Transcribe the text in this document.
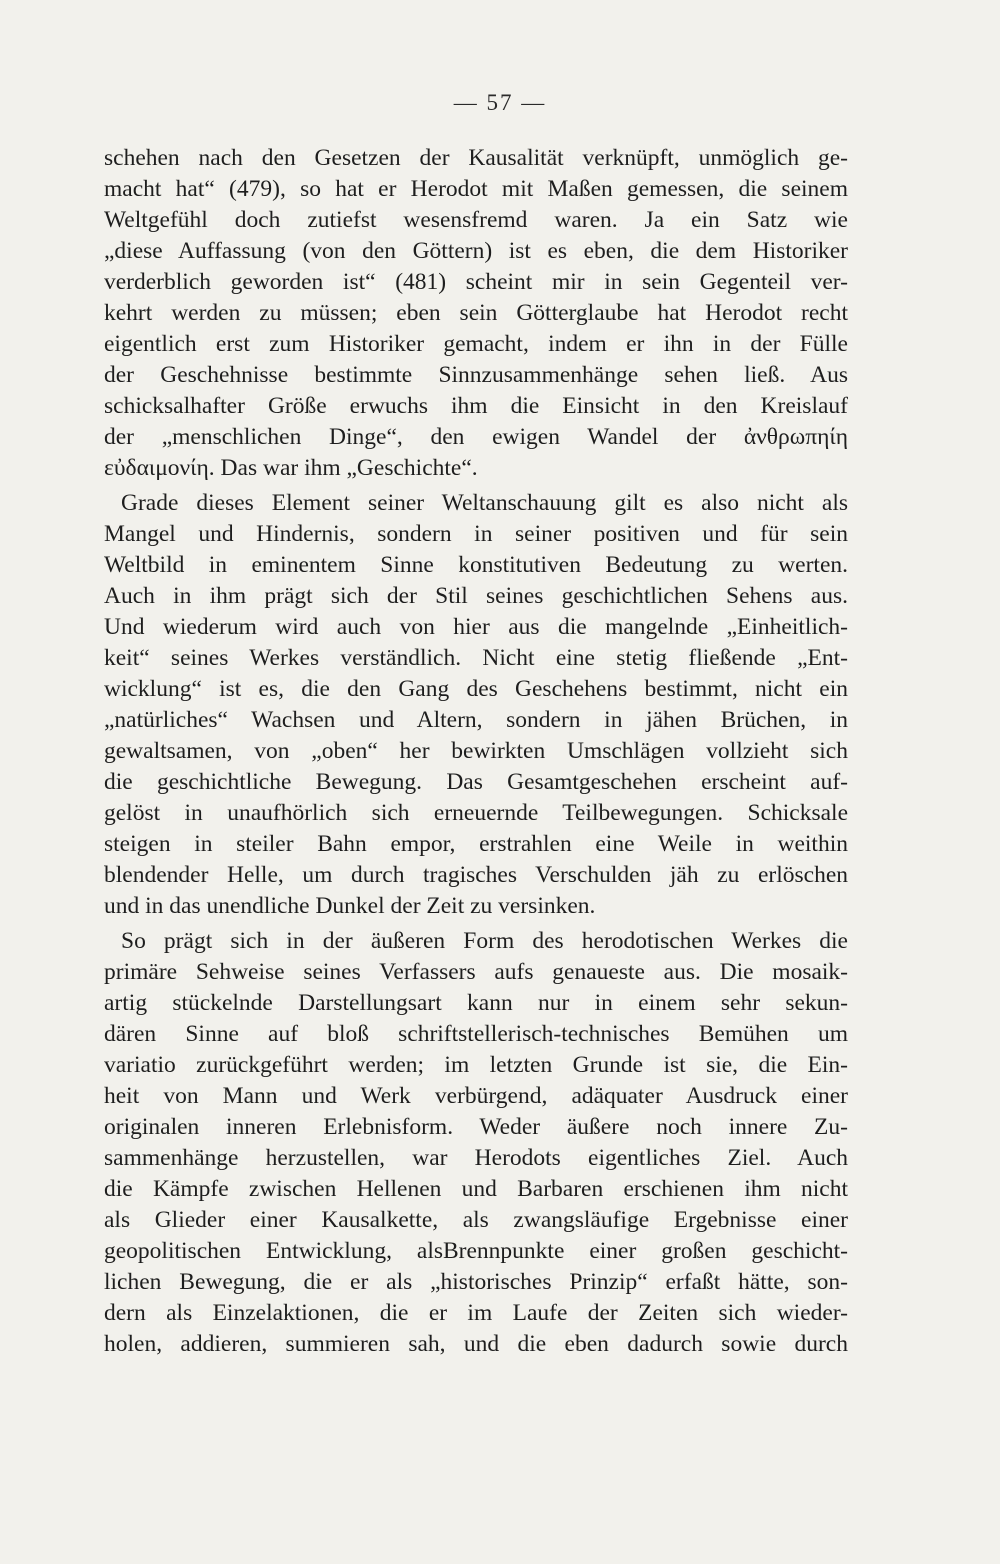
— 57 —
schehen nach den Gesetzen der Kausalität verknüpft, unmöglich ge-
macht hat“ (479), so hat er Herodot mit Maßen gemessen, die seinem
Weltgefühl doch zutiefst wesensfremd waren. Ja ein Satz wie
„diese Auffassung (von den Göttern) ist es eben, die dem Historiker
verderblich geworden ist“ (481) scheint mir in sein Gegenteil ver-
kehrt werden zu müssen; eben sein Götterglaube hat Herodot recht
eigentlich erst zum Historiker gemacht, indem er ihn in der Fülle
der Geschehnisse bestimmte Sinnzusammenhänge sehen ließ. Aus
schicksalhafter Größe erwuchs ihm die Einsicht in den Kreislauf
der „menschlichen Dinge“, den ewigen Wandel der ἀνθρωπηίη
εὐδαιμονίη. Das war ihm „Geschichte“.
Grade dieses Element seiner Weltanschauung gilt es also nicht als
Mangel und Hindernis, sondern in seiner positiven und für sein
Weltbild in eminentem Sinne konstitutiven Bedeutung zu werten.
Auch in ihm prägt sich der Stil seines geschichtlichen Sehens aus.
Und wiederum wird auch von hier aus die mangelnde „Einheitlich-
keit“ seines Werkes verständlich. Nicht eine stetig fließende „Ent-
wicklung“ ist es, die den Gang des Geschehens bestimmt, nicht ein
„natürliches“ Wachsen und Altern, sondern in jähen Brüchen, in
gewaltsamen, von „oben“ her bewirkten Umschlägen vollzieht sich
die geschichtliche Bewegung. Das Gesamtgeschehen erscheint auf-
gelöst in unaufhörlich sich erneuernde Teilbewegungen. Schicksale
steigen in steiler Bahn empor, erstrahlen eine Weile in weithin
blendender Helle, um durch tragisches Verschulden jäh zu erlöschen
und in das unendliche Dunkel der Zeit zu versinken.
So prägt sich in der äußeren Form des herodotischen Werkes die
primäre Sehweise seines Verfassers aufs genaueste aus. Die mosaik-
artig stückelnde Darstellungsart kann nur in einem sehr sekun-
dären Sinne auf bloß schriftstellerisch-technisches Bemühen um
variatio zurückgeführt werden; im letzten Grunde ist sie, die Ein-
heit von Mann und Werk verbürgend, adäquater Ausdruck einer
originalen inneren Erlebnisform. Weder äußere noch innere Zu-
sammenhänge herzustellen, war Herodots eigentliches Ziel. Auch
die Kämpfe zwischen Hellenen und Barbaren erschienen ihm nicht
als Glieder einer Kausalkette, als zwangsläufige Ergebnisse einer
geopolitischen Entwicklung, alsBrennpunkte einer großen geschicht-
lichen Bewegung, die er als „historisches Prinzip“ erfaßt hätte, son-
dern als Einzelaktionen, die er im Laufe der Zeiten sich wieder-
holen, addieren, summieren sah, und die eben dadurch sowie durch
